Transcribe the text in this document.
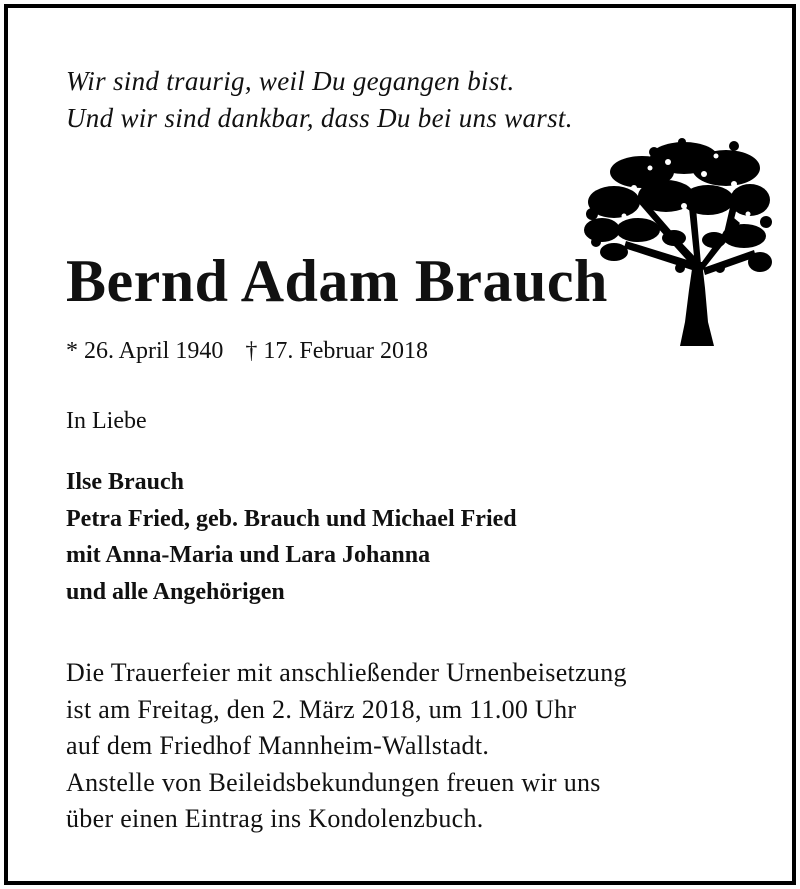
Wir sind traurig, weil Du gegangen bist.
Und wir sind dankbar, dass Du bei uns warst.
Bernd Adam Brauch
* 26. April 1940 † 17. Februar 2018
In Liebe
Ilse Brauch
Petra Fried, geb. Brauch und Michael Fried
mit Anna-Maria und Lara Johanna
und alle Angehörigen
Die Trauerfeier mit anschließender Urnenbeisetzung
ist am Freitag, den 2. März 2018, um 11.00 Uhr
auf dem Friedhof Mannheim-Wallstadt.
Anstelle von Beileidsbekundungen freuen wir uns
über einen Eintrag ins Kondolenzbuch.
